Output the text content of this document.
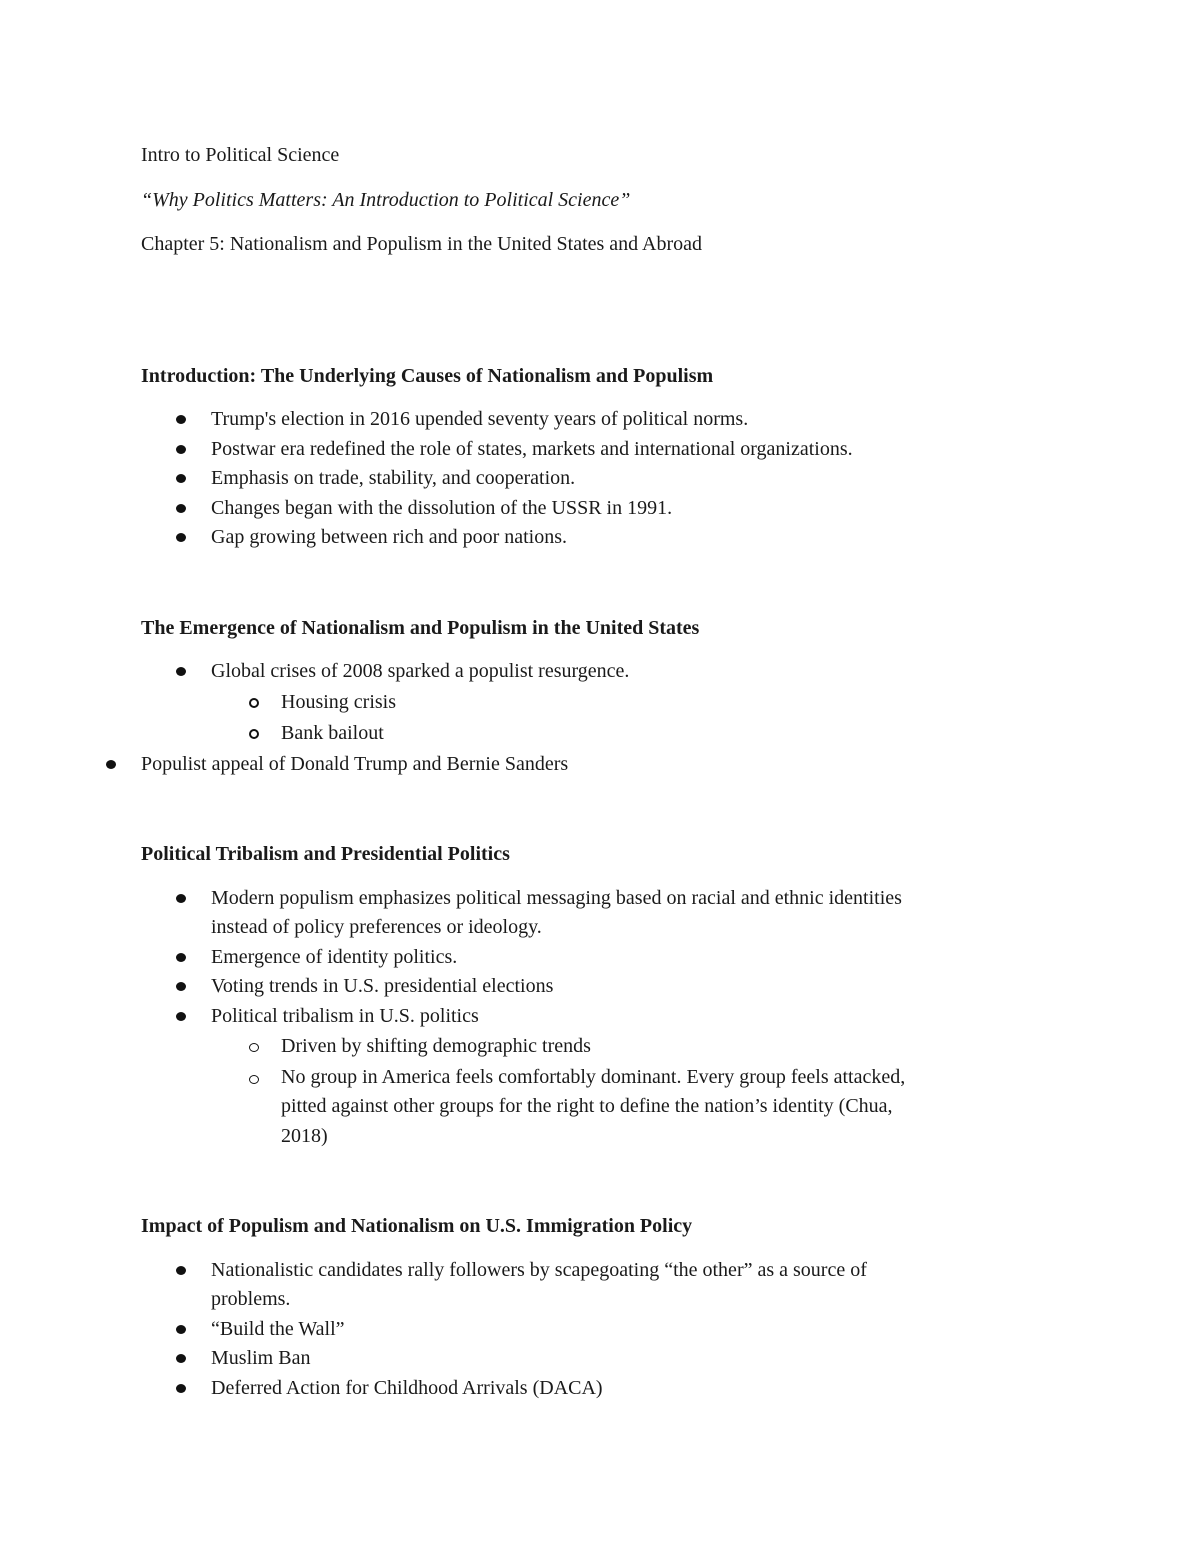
Intro to Political Science

“Why Politics Matters: An Introduction to Political Science”

Chapter 5: Nationalism and Populism in the United States and Abroad

Introduction: The Underlying Causes of Nationalism and Populism

Trump's election in 2016 upended seventy years of political norms.
Postwar era redefined the role of states, markets and international organizations.
Emphasis on trade, stability, and cooperation.
Changes began with the dissolution of the USSR in 1991.
Gap growing between rich and poor nations.

The Emergence of Nationalism and Populism in the United States

Global crises of 2008 sparked a populist resurgence.
Housing crisis
Bank bailout
Populist appeal of Donald Trump and Bernie Sanders

Political Tribalism and Presidential Politics

Modern populism emphasizes political messaging based on racial and ethnic identities
instead of policy preferences or ideology.
Emergence of identity politics.
Voting trends in U.S. presidential elections
Political tribalism in U.S. politics
Driven by shifting demographic trends
No group in America feels comfortably dominant. Every group feels attacked,
pitted against other groups for the right to define the nation’s identity (Chua,
2018)

Impact of Populism and Nationalism on U.S. Immigration Policy

Nationalistic candidates rally followers by scapegoating “the other” as a source of
problems.
“Build the Wall”
Muslim Ban
Deferred Action for Childhood Arrivals (DACA)
